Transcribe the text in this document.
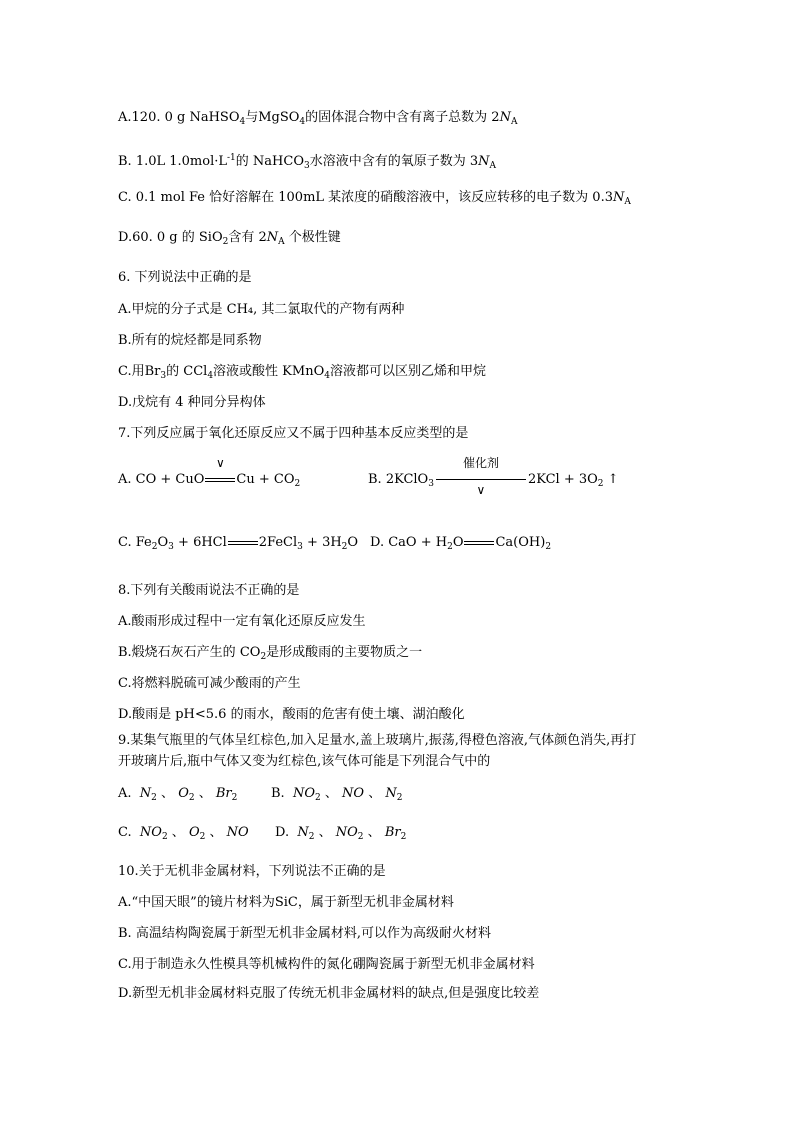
A.120. 0 g NaHSO$_4$与MgSO$_4$的固体混合物中含有离子总数为 $2N_A$
B. 1.0L $1.0mol\cdot L^{-1}$的 NaHCO$_3$水溶液中含有的氧原子数为 $3N_A$
C. 0.1 mol Fe 恰好溶解在 100mL 某浓度的硝酸溶液中，该反应转移的电子数为 $0.3N_A$
D.60. 0 g 的 SiO$_2$含有 $2N_A$ 个极性键
6. 下列说法中正确的是
A.甲烷的分子式是 CH₄, 其二氯取代的产物有两种
B.所有的烷烃都是同系物
C.用$Br_3$的 CCl$_4$溶液或酸性 KMnO$_4$溶液都可以区别乙烯和甲烷
D.戊烷有 4 种同分异构体
7.下列反应属于氧化还原反应又不属于四种基本反应类型的是
A. CO + CuO
∨
$Cu + CO_2$	B. 2KClO$_3$
催化剂
∨
$2KCl + 3O_2$ ↑
C. $Fe_2O_3 + 6HCl$ 2FeCl$_3$ + $3H_2O$ D. CaO + $H_2O$ $Ca(OH)_2$
8.下列有关酸雨说法不正确的是
A.酸雨形成过程中一定有氧化还原反应发生
B.煅烧石灰石产生的 $CO_2$是形成酸雨的主要物质之一
C.将燃料脱硫可减少酸雨的产生
D.酸雨是 pH<5.6 的雨水，酸雨的危害有使土壤、湖泊酸化
9.某集气瓶里的气体呈红棕色,加入足量水,盖上玻璃片,振荡,得橙色溶液,气体颜色消失,再打
开玻璃片后,瓶中气体又变为红棕色,该气体可能是下列混合气中的
A. $N_2$ 、 $O_2$ 、 $Br_2$	B. $NO_2$ 、 NO 、 $N_2$
C. $NO_2$ 、 $O_2$ 、 NO D. $N_2$ 、 $NO_2$ 、 $Br_2$
10.关于无机非金属材料，下列说法不正确的是
A.“中国天眼”的镜片材料为SiC，属于新型无机非金属材料
B. 高温结构陶瓷属于新型无机非金属材料,可以作为高级耐火材料
C.用于制造永久性模具等机械构件的氮化硼陶瓷属于新型无机非金属材料
D.新型无机非金属材料克服了传统无机非金属材料的缺点,但是强度比较差
